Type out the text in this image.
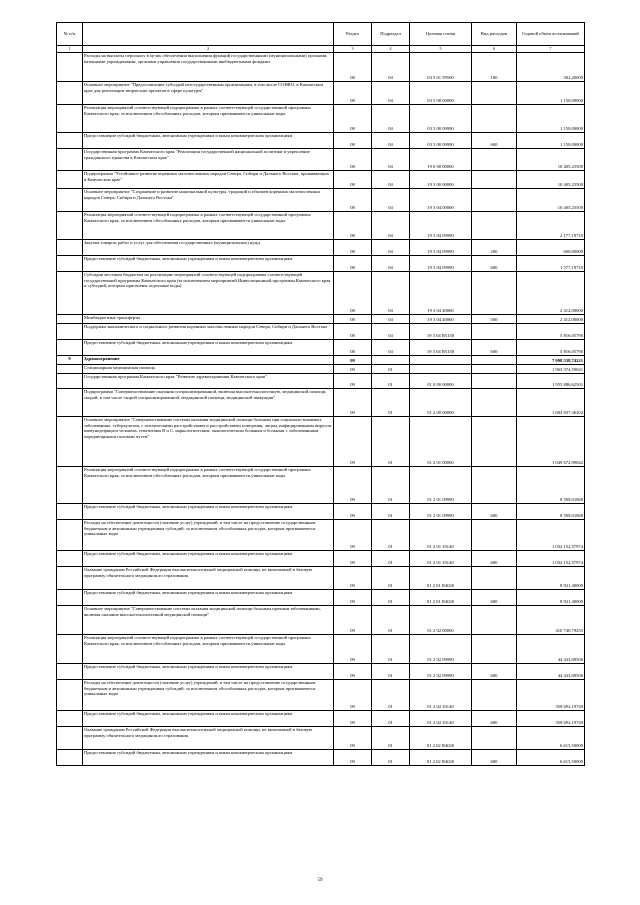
№ п/п		Раздел	Подраздел	Целевая статья	Вид расходов	Годовой объем ассигнований
1	2	3	4	5	6	7
	Расходы на выплаты персоналу в целях обеспечения выполнения функций государственными (муниципальными) органами, казенными учреждениями, органами управления государственными внебюджетными фондами	08	04	03 5 01 59500	100	302,20000
	Основное мероприятие "Предоставление субсидий негосударственным организациям, в том числе СОНКО, в Камчатском крае для реализации творческих проектов в сфере культуры"	08	04	03 5 08 00000		1 150,00000
	Реализация мероприятий соответствующей подпрограммы в рамках соответствующей государственной программы Камчатского края, за исключением обособленных расходов, которым присваиваются уникальные коды	08	04	03 5 08 09990		1 150,00000
	Предоставление субсидий бюджетным, автономным учреждениям и иным некоммерческим организациям	08	04	03 5 08 09990	600	1 150,00000
	Государственная программа Камчатского края "Реализация государственной национальной политики и укрепление гражданского единства в Камчатском крае"	08	04	19 0 00 00000		10 405,25500
	Подпрограмма "Устойчивое развитие коренных малочисленных народов Севера, Сибири и Дальнего Востока, проживающих в Камчатском крае"	08	04	19 3 00 00000		10 405,25500
	Основное мероприятие "Сохранение и развитие национальной культуры, традиций и обычаев коренных малочисленных народов Севера, Сибири и Дальнего Востока"	08	04	19 3 04 00000		10 405,25500
	Реализация мероприятий соответствующей подпрограммы в рамках соответствующей государственной программы Камчатского края, за исключением обособленных расходов, которым присваиваются уникальные коды	08	04	19 3 04 09990		2 177,19710
	Закупка товаров, работ и услуг для обеспечения государственных (муниципальных) нужд	08	04	19 3 04 09990	200	600,00000
	Предоставление субсидий бюджетным, автономным учреждениям и иным некоммерческим организациям	08	04	19 3 04 09990	600	1 577,19710
	Субсидии местным бюджетам на реализацию мероприятий соответствующей подпрограммы соответствующей государственной программы Камчатского края (за исключением мероприятий Инвестиционной программы Камчатского края и субсидий, которым присвоены отдельные коды)	08	04	19 3 04 40060		2 412,00000
	Межбюджетные трансферты	08	04	19 3 04 40060	500	2 412,00000
	Поддержка экономического и социального развития коренных малочисленных народов Севера, Сибири и Дальнего Востока	08	04	19 3 04 R5150		5 816,05790
	Предоставление субсидий бюджетным, автономным учреждениям и иным некоммерческим организациям	08	04	19 3 04 R5150	600	5 816,05790
9	Здравоохранение	09				7 098 538,74221
	Стационарная медицинская помощь	09	01			1 963 374,59041
	Государственная программа Камчатского края "Развитие здравоохранения Камчатского края"	09	01	01 0 00 00000		1 955 886,62501
	Подпрограмма "Совершенствование оказания специализированной, включая высокотехнологичную, медицинской помощи, скорой, в том числе скорой специализированной, медицинской помощи, медицинской эвакуации"	09	01	01 2 00 00000		1 683 837,36202
	Основное мероприятие "Совершенствование системы оказания медицинской помощи больным при социально-значимых заболеваниях: туберкулезом, с психическими расстройствами и расстройствами поведения, лицам, инфицированным вирусом иммунодефицита человека, гепатитами B и C, наркологическим, онкологическим больным и больным с заболеваниями, передающимися половым путем"	09	01	01 2 01 00000		1 049 672,99042
	Реализация мероприятий соответствующей подпрограммы в рамках соответствующей государственной программы Камчатского края, за исключением обособленных расходов, которым присваиваются уникальные коды	09	01	01 2 01 09990		8 599,01068
	Предоставление субсидий бюджетным, автономным учреждениям и иным некоммерческим организациям	09	01	01 2 01 09990	600	8 599,01068
	Расходы на обеспечение деятельности (оказание услуг) учреждений, в том числе на предоставление государственным бюджетным и автономным учреждениям субсидий, за исключением обособленных расходов, которым присваиваются уникальные коды	09	01	01 2 01 10140		1 032 152,57974
	Предоставление субсидий бюджетным, автономным учреждениям и иным некоммерческим организациям	09	01	01 2 01 10140	600	1 032 152,57974
	Оказание гражданам Российской Федерации высокотехнологичной медицинской помощи, не включенной в базовую программу обязательного медицинского страхования	09	01	01 2 01 R4020		8 921,40000
	Предоставление субсидий бюджетным, автономным учреждениям и иным некоммерческим организациям	09	01	01 2 01 R4020	600	8 921,40000
	Основное мероприятие "Совершенствование системы оказания медицинской помощи больным прочими заболеваниями, включая оказание высокотехнологичной медицинской помощи"	09	01	01 2 02 00000		410 740,79255
	Реализация мероприятий соответствующей подпрограммы в рамках соответствующей государственной программы Камчатского края, за исключением обособленных расходов, которым присваиваются уникальные коды	09	01	01 2 02 09990		44 433,09506
	Предоставление субсидий бюджетным, автономным учреждениям и иным некоммерческим организациям	09	01	01 2 02 09990	600	44 433,09506
	Расходы на обеспечение деятельности (оказание услуг) учреждений, в том числе на предоставление государственным бюджетным и автономным учреждениям субсидий, за исключением обособленных расходов, которым присваиваются уникальные коды	09	01	01 2 02 10140		359 692,19749
	Предоставление субсидий бюджетным, автономным учреждениям и иным некоммерческим организациям	09	01	01 2 02 10140	600	359 692,19749
	Оказание гражданам Российской Федерации высокотехнологичной медицинской помощи, не включенной в базовую программу обязательного медицинского страхования	09	01	01 2 02 R4020		6 615,50000
	Предоставление субсидий бюджетным, автономным учреждениям и иным некоммерческим организациям	09	01	01 2 02 R4020	600	6 615,50000
59
